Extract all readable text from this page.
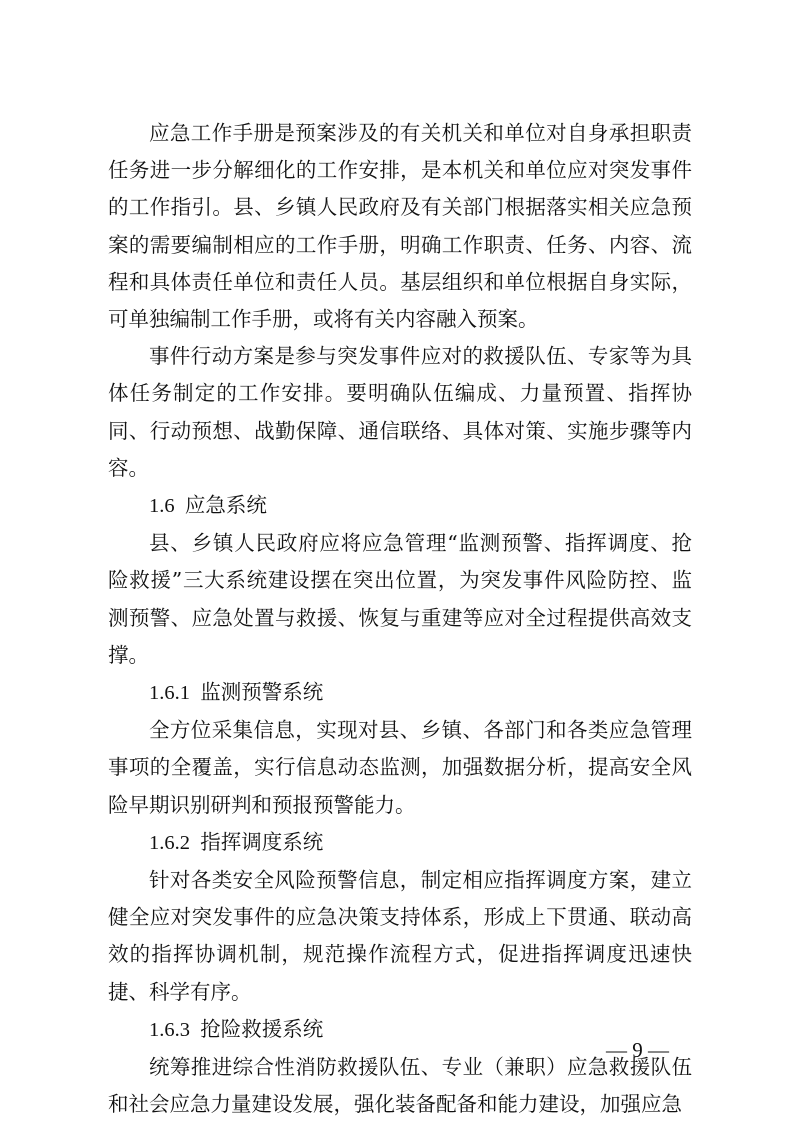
应急工作手册是预案涉及的有关机关和单位对自身承担职责任务进一步分解细化的工作安排，是本机关和单位应对突发事件的工作指引。县、乡镇人民政府及有关部门根据落实相关应急预案的需要编制相应的工作手册，明确工作职责、任务、内容、流程和具体责任单位和责任人员。基层组织和单位根据自身实际，可单独编制工作手册，或将有关内容融入预案。

事件行动方案是参与突发事件应对的救援队伍、专家等为具体任务制定的工作安排。要明确队伍编成、力量预置、指挥协同、行动预想、战勤保障、通信联络、具体对策、实施步骤等内容。

1.6 应急系统

县、乡镇人民政府应将应急管理“监测预警、指挥调度、抢险救援”三大系统建设摆在突出位置，为突发事件风险防控、监测预警、应急处置与救援、恢复与重建等应对全过程提供高效支撑。

1.6.1 监测预警系统

全方位采集信息，实现对县、乡镇、各部门和各类应急管理事项的全覆盖，实行信息动态监测，加强数据分析，提高安全风险早期识别研判和预报预警能力。

1.6.2 指挥调度系统

针对各类安全风险预警信息，制定相应指挥调度方案，建立健全应对突发事件的应急决策支持体系，形成上下贯通、联动高效的指挥协调机制，规范操作流程方式，促进指挥调度迅速快捷、科学有序。

1.6.3 抢险救援系统

统筹推进综合性消防救援队伍、专业（兼职）应急救援队伍和社会应急力量建设发展，强化装备配备和能力建设，加强应急

— 9 —
